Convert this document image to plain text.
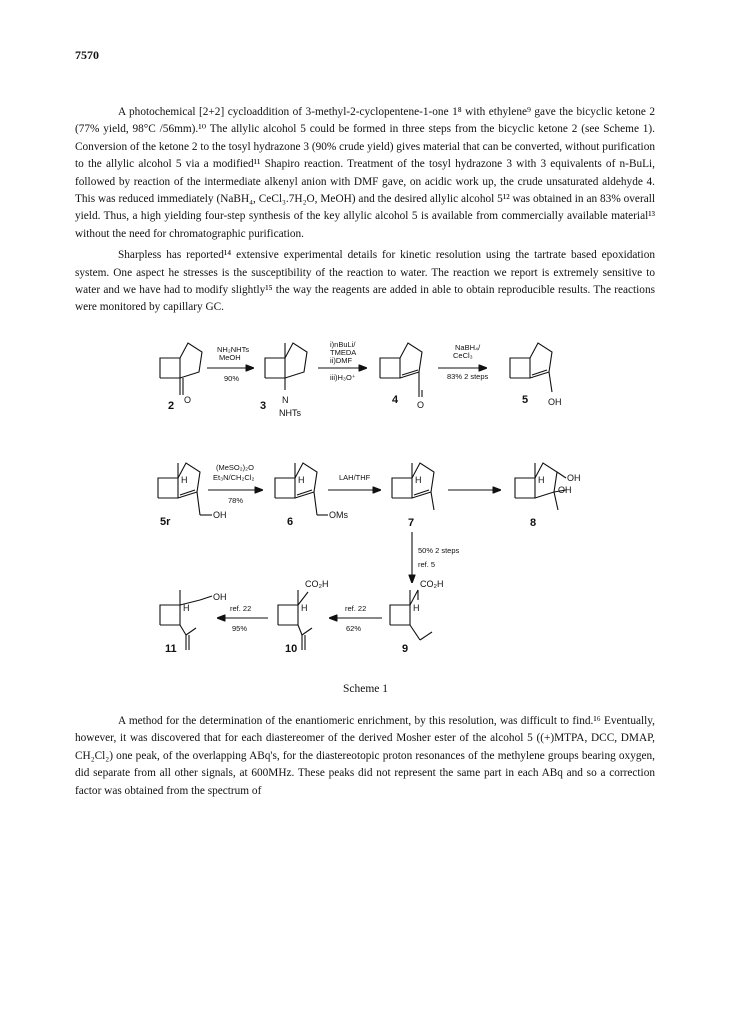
7570

A photochemical [2+2] cycloaddition of 3-methyl-2-cyclopentene-1-one 1⁸ with ethylene⁹ gave the bicyclic ketone 2 (77% yield, 98°C /56mm).¹⁰ The allylic alcohol 5 could be formed in three steps from the bicyclic ketone 2 (see Scheme 1). Conversion of the ketone 2 to the tosyl hydrazone 3 (90% crude yield) gives material that can be converted, without purification to the allylic alcohol 5 via a modified¹¹ Shapiro reaction. Treatment of the tosyl hydrazone 3 with 3 equivalents of n-BuLi, followed by reaction of the intermediate alkenyl anion with DMF gave, on acidic work up, the crude unsaturated aldehyde 4. This was reduced immediately (NaBH₄, CeCl₃.7H₂O, MeOH) and the desired allylic alcohol 5¹² was obtained in an 83% overall yield. Thus, a high yielding four-step synthesis of the key allylic alcohol 5 is available from commercially available material¹³ without the need for chromatographic purification.

Sharpless has reported¹⁴ extensive experimental details for kinetic resolution using the tartrate based epoxidation system. One aspect he stresses is the susceptibility of the reaction to water. The reaction we report is extremely sensitive to water and we have had to modify slightly¹⁵ the way the reagents are added in able to obtain reproducible results. The reactions were monitored by capillary GC.

O
2
NH₂NHTs
MeOH
90%
N
NHTs
3
i)nBuLi/
TMEDA
ii)DMF
iii)H₃O⁺
O
4
NaBH₄/
CeCl₃
83% 2 steps
OH
5
H
OH
5r
(MeSO₂)₂O
Et₃N/CH₂Cl₂
78%
H
OMs
6
LAH/THF	H
7
H	OH
OH
8
50% 2 steps
ref. 5
CO₂H
H
9
ref. 22
62%
CO₂H
H
10
ref. 22
95%
OH
H
11
Scheme 1

A method for the determination of the enantiomeric enrichment, by this resolution, was difficult to find.¹⁶ Eventually, however, it was discovered that for each diastereomer of the derived Mosher ester of the alcohol 5 ((+)MTPA, DCC, DMAP, CH₂Cl₂) one peak, of the overlapping ABq's, for the diastereotopic proton resonances of the methylene groups bearing oxygen, did separate from all other signals, at 600MHz. These peaks did not represent the same part in each ABq and so a correction factor was obtained from the spectrum of
